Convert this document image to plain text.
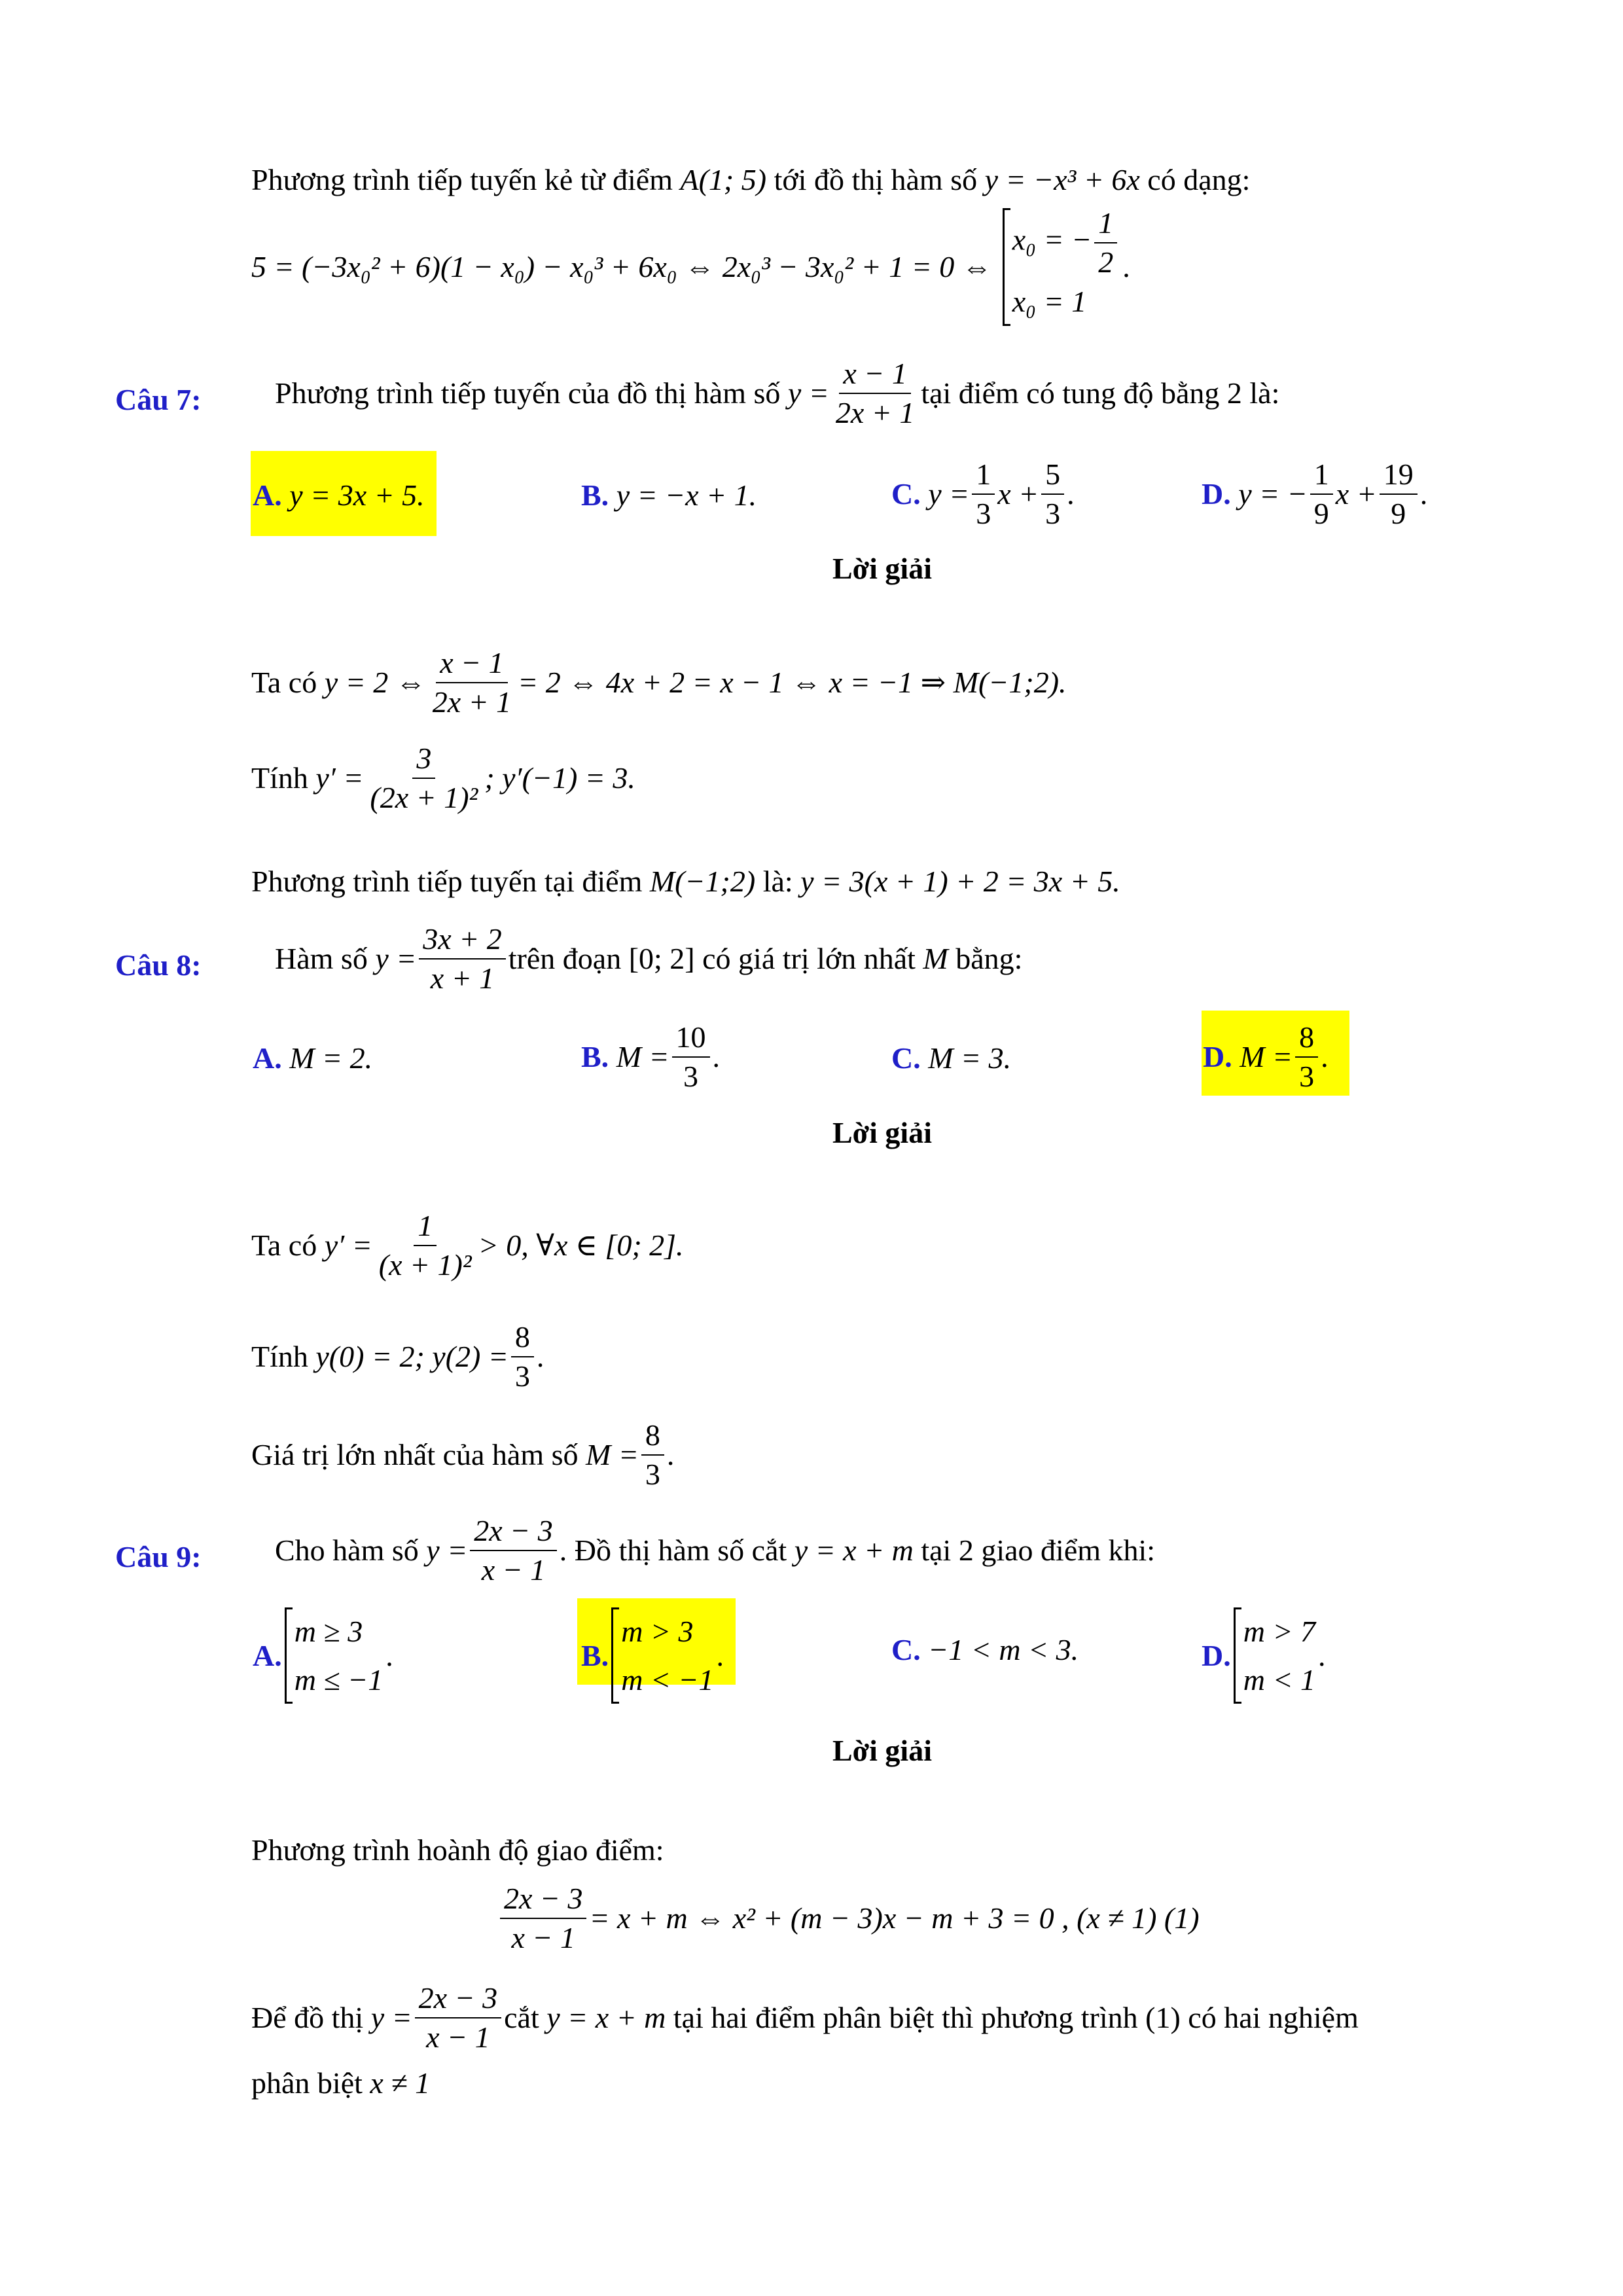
Phương trình tiếp tuyến kẻ từ điểm A(1; 5) tới đồ thị hàm số y = −x³ + 6x có dạng:
5 = (−3x₀² + 6)(1 − x₀) − x₀³ + 6x₀ ⇔ 2x₀³ − 3x₀² + 1 = 0 ⇔
x₀ = − $\frac{1}{2}$
x₀ = 1
.
Câu 7: Phương trình tiếp tuyến của đồ thị hàm số
$y = \frac{x - 1}{2x + 1}$ tại điểm có tung độ bằng 2 là:
A. y = 3x + 5.	B. y = −x + 1.	C.
$y = \frac{1}{3}$ $x + \frac{5}{3}$ .	D.
y = − $\frac{1}{9}$ $x + \frac{19}{9}$ .
Lời giải
Ta có
y = 2 ⇔ $\frac{x - 1}{2x + 1} = 2$ ⇔ 4x + 2 = x − 1 ⇔ x = −1 ⇒ M(−1;2).
Tính
$y' = \frac{3}{\text{(2x + 1)²}}$ ; y′(−1) = 3.
Phương trình tiếp tuyến tại điểm M(−1;2) là: y = 3(x + 1) + 2 = 3x + 5.
Câu 8: Hàm số
$y = \frac{3x + 2}{x + 1}$ trên đoạn
[0; 2]
có giá trị lớn nhất
M
bằng:
A. M = 2.	B.
$M = \frac{10}{3}$ .	C. M = 3.	D.
$M = \frac{8}{3}$ .
Lời giải
Ta có
$y' = \frac{1}{\text{(x + 1)²}} > 0$, ∀x ∈ [0; 2].
Tính
y(0) = 2; $y(2) = \frac{8}{3}$ .
Giá trị lớn nhất của hàm số
$M = \frac{8}{3}$ .
Câu 9: Cho hàm số
$y = \frac{2x - 3}{x - 1}$ . Đồ thị hàm số cắt
y = x + m
tại 2 giao điểm khi:
A.
m ≥ 3
m ≤ −1
.	B.
m > 3
m < −1
.	C. −1 < m < 3.	D.
m > 7
m < 1
.
Lời giải
Phương trình hoành độ giao điểm:
$\frac{2x - 3}{x - 1} = x + m$ ⇔ x² + (m − 3)x − m + 3 = 0 , (x ≠ 1) (1)
Để đồ thị
$y = \frac{2x - 3}{x - 1}$ cắt
y = x + m
tại hai điểm phân biệt thì phương trình (1) có hai nghiệm
phân biệt x ≠ 1
